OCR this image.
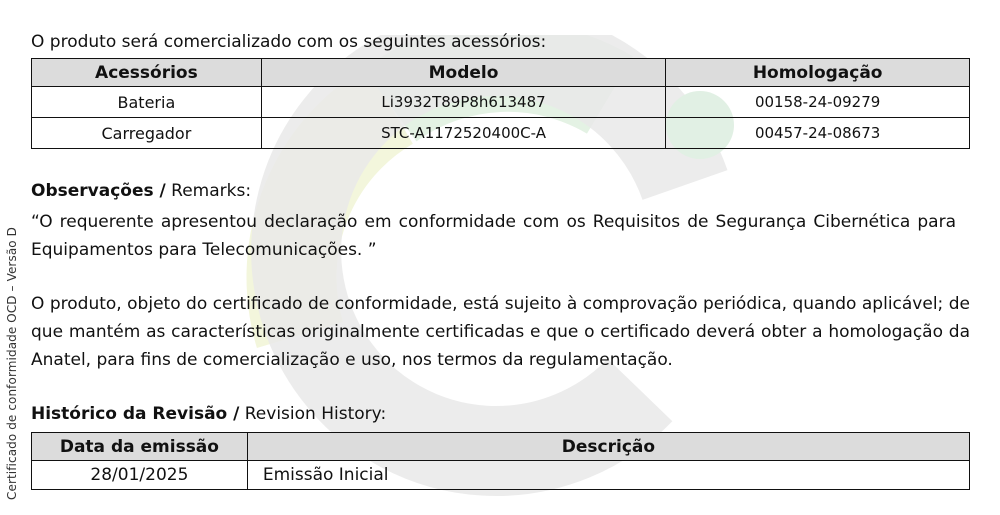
Certificado de conformidade OCD – Versão D
O produto será comercializado com os seguintes acessórios:
Acessórios	Modelo	Homologação
Bateria	Li3932T89P8h613487	00158-24-09279
Carregador	STC-A1172520400C-A	00457-24-08673
Observações / Remarks:
“O requerente apresentou declaração em conformidade com os Requisitos de Segurança Cibernética para Equipamentos para Telecomunicações. ”
O produto, objeto do certificado de conformidade, está sujeito à comprovação periódica, quando aplicável; de que mantém as características originalmente certificadas e que o certificado deverá obter a homologação da Anatel, para fins de comercialização e uso, nos termos da regulamentação.
Histórico da Revisão / Revision History:
Data da emissão	Descrição
28/01/2025	Emissão Inicial
